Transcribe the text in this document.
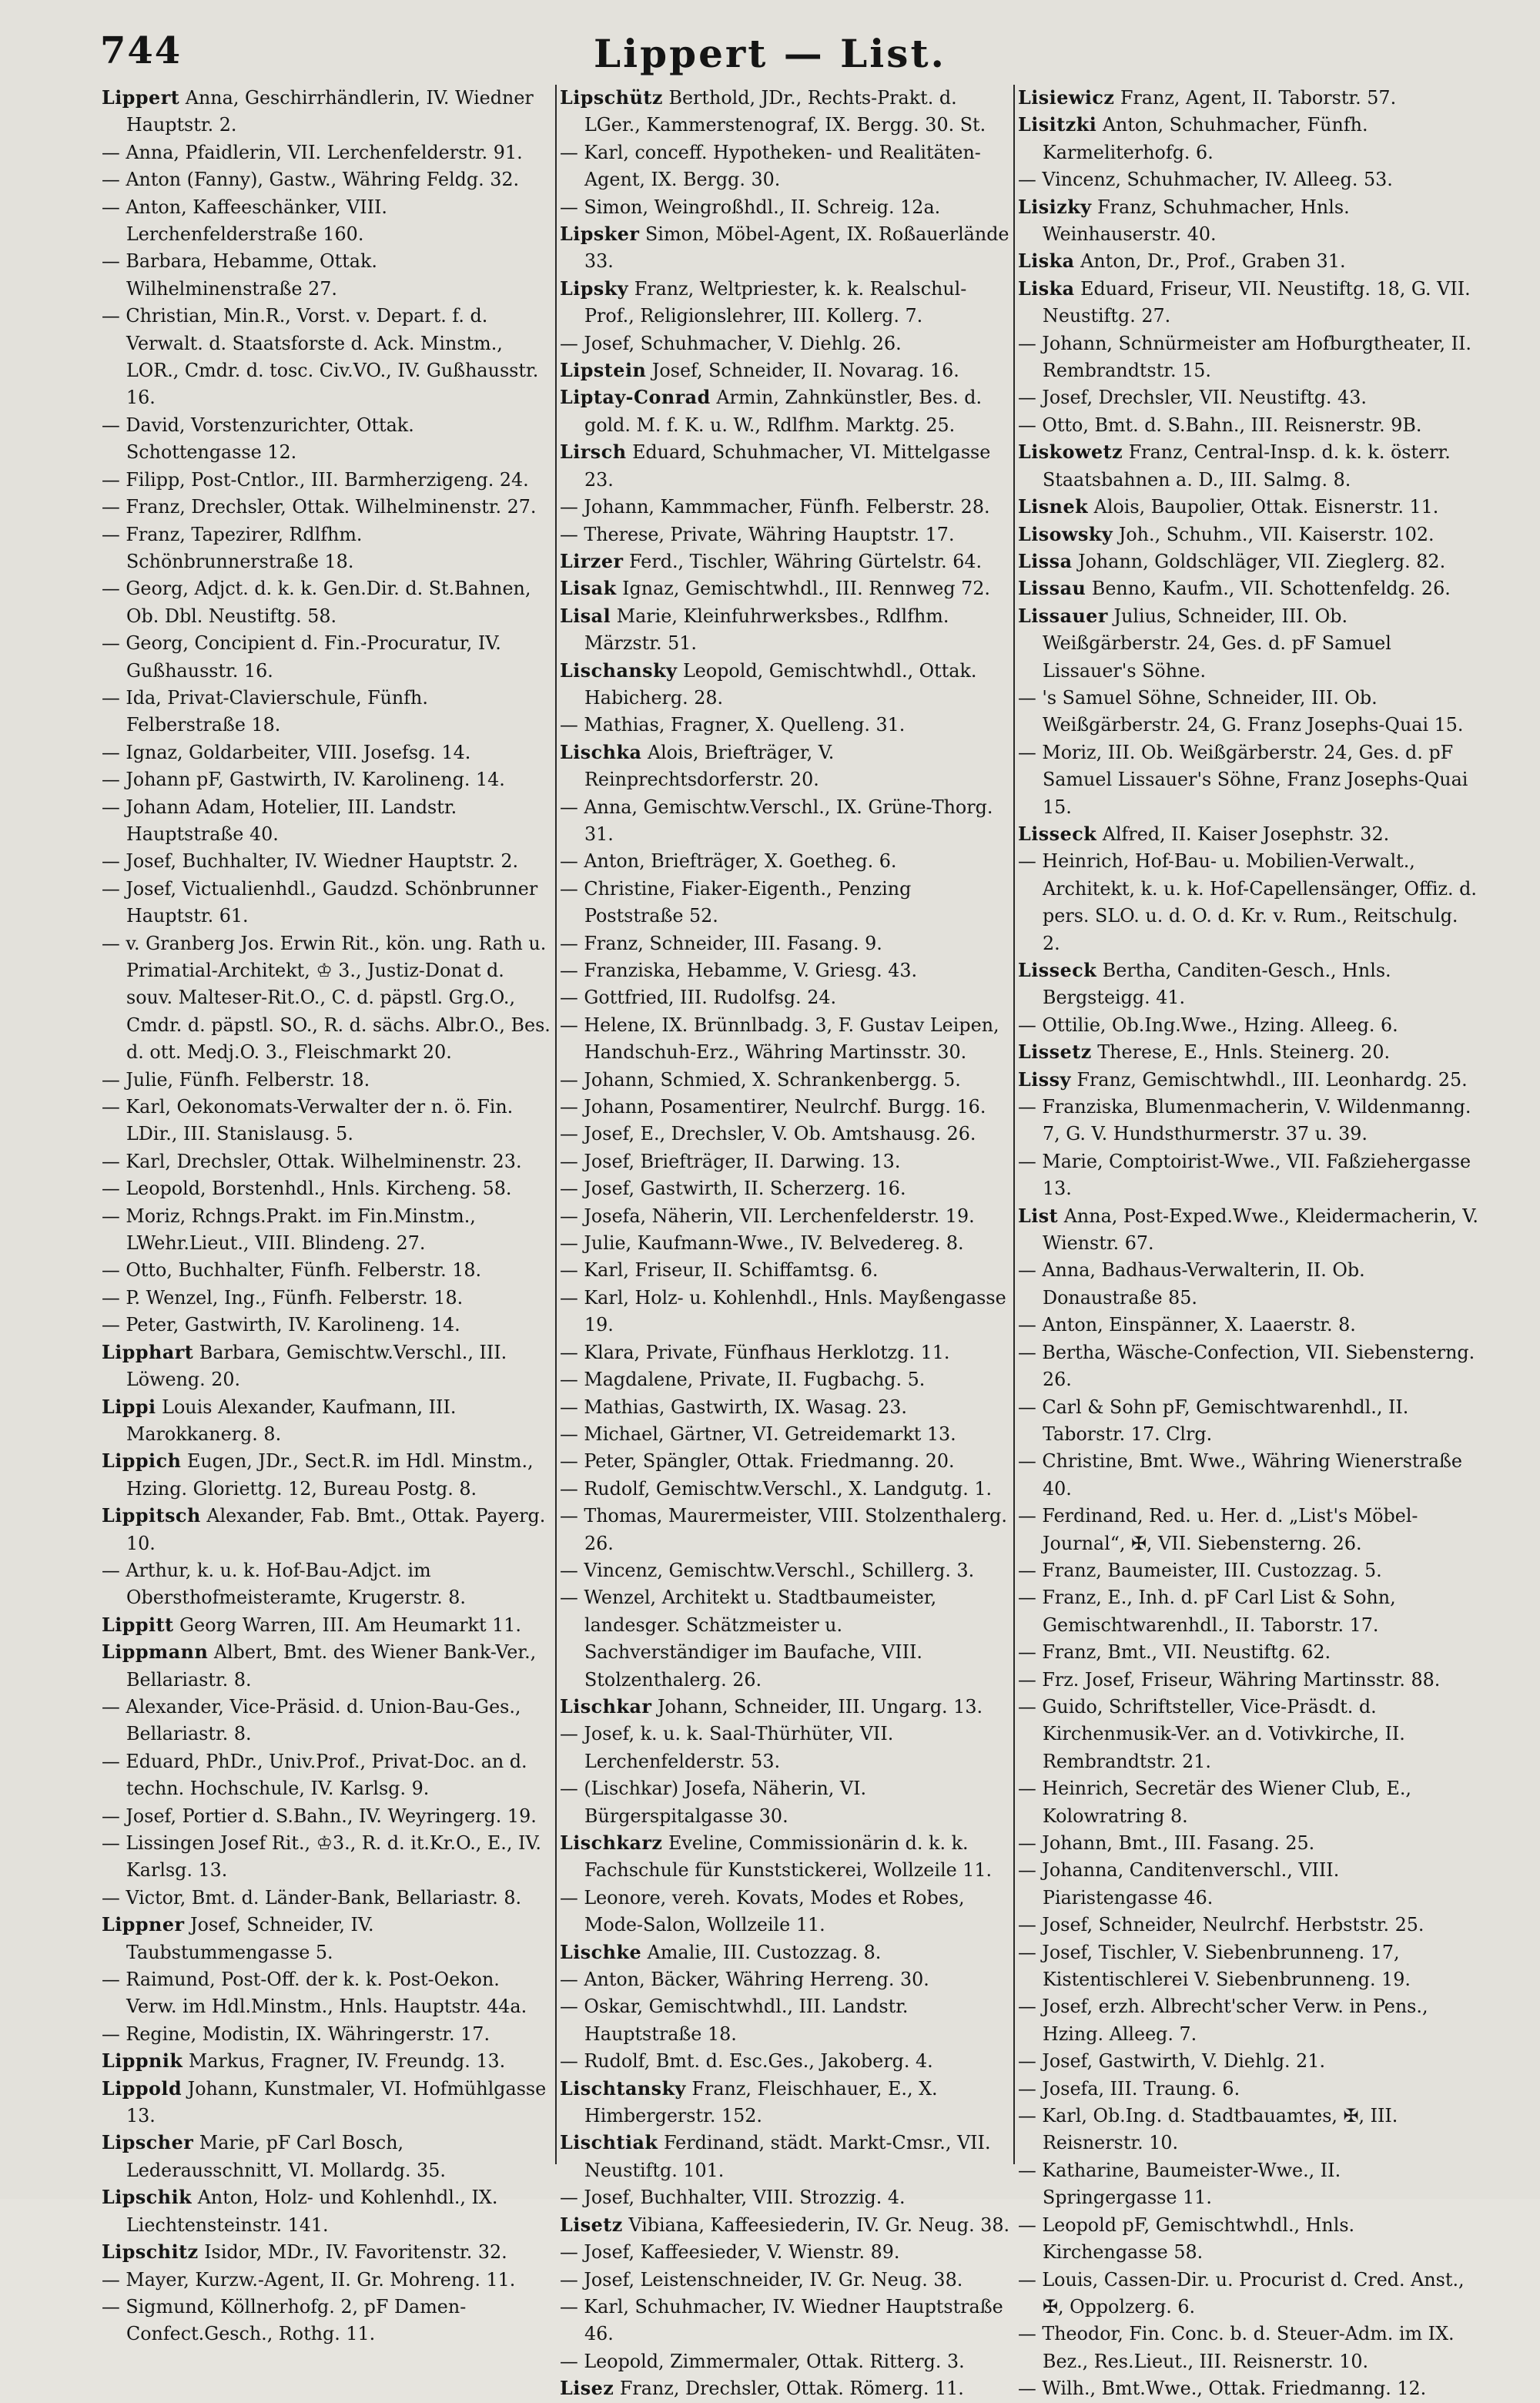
744	Lippert — List.
Lippert Anna, Geschirrhändlerin, IV. Wiedner Hauptstr. 2.
— Anna, Pfaidlerin, VII. Lerchenfelderstr. 91.
— Anton (Fanny), Gastw., Währing Feldg. 32.
— Anton, Kaffeeschänker, VIII. Lerchenfelderstraße 160.
— Barbara, Hebamme, Ottak. Wilhelminenstraße 27.
— Christian, Min.R., Vorst. v. Depart. f. d. Verwalt. d. Staatsforste d. Ack. Minstm., LOR., Cmdr. d. tosc. Civ.VO., IV. Gußhausstr. 16.
— David, Vorstenzurichter, Ottak. Schottengasse 12.
— Filipp, Post-Cntlor., III. Barmherzigeng. 24.
— Franz, Drechsler, Ottak. Wilhelminenstr. 27.
— Franz, Tapezirer, Rdlfhm. Schönbrunnerstraße 18.
— Georg, Adjct. d. k. k. Gen.Dir. d. St.Bahnen, Ob. Dbl. Neustiftg. 58.
— Georg, Concipient d. Fin.-Procuratur, IV. Gußhausstr. 16.
— Ida, Privat-Clavierschule, Fünfh. Felberstraße 18.
— Ignaz, Goldarbeiter, VIII. Josefsg. 14.
— Johann pF, Gastwirth, IV. Karolineng. 14.
— Johann Adam, Hotelier, III. Landstr. Hauptstraße 40.
— Josef, Buchhalter, IV. Wiedner Hauptstr. 2.
— Josef, Victualienhdl., Gaudzd. Schönbrunner Hauptstr. 61.
— v. Granberg Jos. Erwin Rit., kön. ung. Rath u. Primatial-Architekt, ♔ 3., Justiz-Donat d. souv. Malteser-Rit.O., C. d. päpstl. Grg.O., Cmdr. d. päpstl. SO., R. d. sächs. Albr.O., Bes. d. ott. Medj.O. 3., Fleischmarkt 20.
— Julie, Fünfh. Felberstr. 18.
— Karl, Oekonomats-Verwalter der n. ö. Fin. LDir., III. Stanislausg. 5.
— Karl, Drechsler, Ottak. Wilhelminenstr. 23.
— Leopold, Borstenhdl., Hnls. Kircheng. 58.
— Moriz, Rchngs.Prakt. im Fin.Minstm., LWehr.Lieut., VIII. Blindeng. 27.
— Otto, Buchhalter, Fünfh. Felberstr. 18.
— P. Wenzel, Ing., Fünfh. Felberstr. 18.
— Peter, Gastwirth, IV. Karolineng. 14.
Lipphart Barbara, Gemischtw.Verschl., III. Löweng. 20.
Lippi Louis Alexander, Kaufmann, III. Marokkanerg. 8.
Lippich Eugen, JDr., Sect.R. im Hdl. Minstm., Hzing. Gloriettg. 12, Bureau Postg. 8.
Lippitsch Alexander, Fab. Bmt., Ottak. Payerg. 10.
— Arthur, k. u. k. Hof-Bau-Adjct. im Obersthofmeisteramte, Krugerstr. 8.
Lippitt Georg Warren, III. Am Heumarkt 11.
Lippmann Albert, Bmt. des Wiener Bank-Ver., Bellariastr. 8.
— Alexander, Vice-Präsid. d. Union-Bau-Ges., Bellariastr. 8.
— Eduard, PhDr., Univ.Prof., Privat-Doc. an d. techn. Hochschule, IV. Karlsg. 9.
— Josef, Portier d. S.Bahn., IV. Weyringerg. 19.
— Lissingen Josef Rit., ♔3., R. d. it.Kr.O., E., IV. Karlsg. 13.
— Victor, Bmt. d. Länder-Bank, Bellariastr. 8.
Lippner Josef, Schneider, IV. Taubstummengasse 5.
— Raimund, Post-Off. der k. k. Post-Oekon. Verw. im Hdl.Minstm., Hnls. Hauptstr. 44a.
— Regine, Modistin, IX. Währingerstr. 17.
Lippnik Markus, Fragner, IV. Freundg. 13.
Lippold Johann, Kunstmaler, VI. Hofmühlgasse 13.
Lipscher Marie, pF Carl Bosch, Lederausschnitt, VI. Mollardg. 35.
Lipschik Anton, Holz- und Kohlenhdl., IX. Liechtensteinstr. 141.
Lipschitz Isidor, MDr., IV. Favoritenstr. 32.
— Mayer, Kurzw.-Agent, II. Gr. Mohreng. 11.
— Sigmund, Köllnerhofg. 2, pF Damen-Confect.Gesch., Rothg. 11.
Lipschütz Berthold, JDr., Rechts-Prakt. d. LGer., Kammerstenograf, IX. Bergg. 30. St.
— Karl, conceff. Hypotheken- und Realitäten-Agent, IX. Bergg. 30.
— Simon, Weingroßhdl., II. Schreig. 12a.
Lipsker Simon, Möbel-Agent, IX. Roßauerlände 33.
Lipsky Franz, Weltpriester, k. k. Realschul-Prof., Religionslehrer, III. Kollerg. 7.
— Josef, Schuhmacher, V. Diehlg. 26.
Lipstein Josef, Schneider, II. Novarag. 16.
Liptay-Conrad Armin, Zahnkünstler, Bes. d. gold. M. f. K. u. W., Rdlfhm. Marktg. 25.
Lirsch Eduard, Schuhmacher, VI. Mittelgasse 23.
— Johann, Kammmacher, Fünfh. Felberstr. 28.
— Therese, Private, Währing Hauptstr. 17.
Lirzer Ferd., Tischler, Währing Gürtelstr. 64.
Lisak Ignaz, Gemischtwhdl., III. Rennweg 72.
Lisal Marie, Kleinfuhrwerksbes., Rdlfhm. Märzstr. 51.
Lischansky Leopold, Gemischtwhdl., Ottak. Habicherg. 28.
— Mathias, Fragner, X. Quelleng. 31.
Lischka Alois, Briefträger, V. Reinprechtsdorferstr. 20.
— Anna, Gemischtw.Verschl., IX. Grüne-Thorg. 31.
— Anton, Briefträger, X. Goetheg. 6.
— Christine, Fiaker-Eigenth., Penzing Poststraße 52.
— Franz, Schneider, III. Fasang. 9.
— Franziska, Hebamme, V. Griesg. 43.
— Gottfried, III. Rudolfsg. 24.
— Helene, IX. Brünnlbadg. 3, F. Gustav Leipen, Handschuh-Erz., Währing Martinsstr. 30.
— Johann, Schmied, X. Schrankenbergg. 5.
— Johann, Posamentirer, Neulrchf. Burgg. 16.
— Josef, E., Drechsler, V. Ob. Amtshausg. 26.
— Josef, Briefträger, II. Darwing. 13.
— Josef, Gastwirth, II. Scherzerg. 16.
— Josefa, Näherin, VII. Lerchenfelderstr. 19.
— Julie, Kaufmann-Wwe., IV. Belvedereg. 8.
— Karl, Friseur, II. Schiffamtsg. 6.
— Karl, Holz- u. Kohlenhdl., Hnls. Mayßengasse 19.
— Klara, Private, Fünfhaus Herklotzg. 11.
— Magdalene, Private, II. Fugbachg. 5.
— Mathias, Gastwirth, IX. Wasag. 23.
— Michael, Gärtner, VI. Getreidemarkt 13.
— Peter, Spängler, Ottak. Friedmanng. 20.
— Rudolf, Gemischtw.Verschl., X. Landgutg. 1.
— Thomas, Maurermeister, VIII. Stolzenthalerg. 26.
— Vincenz, Gemischtw.Verschl., Schillerg. 3.
— Wenzel, Architekt u. Stadtbaumeister, landesger. Schätzmeister u. Sachverständiger im Baufache, VIII. Stolzenthalerg. 26.
Lischkar Johann, Schneider, III. Ungarg. 13.
— Josef, k. u. k. Saal-Thürhüter, VII. Lerchenfelderstr. 53.
— (Lischkar) Josefa, Näherin, VI. Bürgerspitalgasse 30.
Lischkarz Eveline, Commissionärin d. k. k. Fachschule für Kunststickerei, Wollzeile 11.
— Leonore, vereh. Kovats, Modes et Robes, Mode-Salon, Wollzeile 11.
Lischke Amalie, III. Custozzag. 8.
— Anton, Bäcker, Währing Herreng. 30.
— Oskar, Gemischtwhdl., III. Landstr. Hauptstraße 18.
— Rudolf, Bmt. d. Esc.Ges., Jakoberg. 4.
Lischtansky Franz, Fleischhauer, E., X. Himbergerstr. 152.
Lischtiak Ferdinand, städt. Markt-Cmsr., VII. Neustiftg. 101.
— Josef, Buchhalter, VIII. Strozzig. 4.
Lisetz Vibiana, Kaffeesiederin, IV. Gr. Neug. 38.
— Josef, Kaffeesieder, V. Wienstr. 89.
— Josef, Leistenschneider, IV. Gr. Neug. 38.
— Karl, Schuhmacher, IV. Wiedner Hauptstraße 46.
— Leopold, Zimmermaler, Ottak. Ritterg. 3.
Lisez Franz, Drechsler, Ottak. Römerg. 11.
Lisiewicz Franz, Agent, II. Taborstr. 57.
Lisitzki Anton, Schuhmacher, Fünfh. Karmeliterhofg. 6.
— Vincenz, Schuhmacher, IV. Alleeg. 53.
Lisizky Franz, Schuhmacher, Hnls. Weinhauserstr. 40.
Liska Anton, Dr., Prof., Graben 31.
Liska Eduard, Friseur, VII. Neustiftg. 18, G. VII. Neustiftg. 27.
— Johann, Schnürmeister am Hofburgtheater, II. Rembrandtstr. 15.
— Josef, Drechsler, VII. Neustiftg. 43.
— Otto, Bmt. d. S.Bahn., III. Reisnerstr. 9B.
Liskowetz Franz, Central-Insp. d. k. k. österr. Staatsbahnen a. D., III. Salmg. 8.
Lisnek Alois, Baupolier, Ottak. Eisnerstr. 11.
Lisowsky Joh., Schuhm., VII. Kaiserstr. 102.
Lissa Johann, Goldschläger, VII. Zieglerg. 82.
Lissau Benno, Kaufm., VII. Schottenfeldg. 26.
Lissauer Julius, Schneider, III. Ob. Weißgärberstr. 24, Ges. d. pF Samuel Lissauer's Söhne.
— 's Samuel Söhne, Schneider, III. Ob. Weißgärberstr. 24, G. Franz Josephs-Quai 15.
— Moriz, III. Ob. Weißgärberstr. 24, Ges. d. pF Samuel Lissauer's Söhne, Franz Josephs-Quai 15.
Lisseck Alfred, II. Kaiser Josephstr. 32.
— Heinrich, Hof-Bau- u. Mobilien-Verwalt., Architekt, k. u. k. Hof-Capellensänger, Offiz. d. pers. SLO. u. d. O. d. Kr. v. Rum., Reitschulg. 2.
Lisseck Bertha, Canditen-Gesch., Hnls. Bergsteigg. 41.
— Ottilie, Ob.Ing.Wwe., Hzing. Alleeg. 6.
Lissetz Therese, E., Hnls. Steinerg. 20.
Lissy Franz, Gemischtwhdl., III. Leonhardg. 25.
— Franziska, Blumenmacherin, V. Wildenmanng. 7, G. V. Hundsthurmerstr. 37 u. 39.
— Marie, Comptoirist-Wwe., VII. Faßziehergasse 13.
List Anna, Post-Exped.Wwe., Kleidermacherin, V. Wienstr. 67.
— Anna, Badhaus-Verwalterin, II. Ob. Donaustraße 85.
— Anton, Einspänner, X. Laaerstr. 8.
— Bertha, Wäsche-Confection, VII. Siebensterng. 26.
— Carl & Sohn pF, Gemischtwarenhdl., II. Taborstr. 17. Clrg.
— Christine, Bmt. Wwe., Währing Wienerstraße 40.
— Ferdinand, Red. u. Her. d. „List's Möbel-Journal“, ✠, VII. Siebensterng. 26.
— Franz, Baumeister, III. Custozzag. 5.
— Franz, E., Inh. d. pF Carl List & Sohn, Gemischtwarenhdl., II. Taborstr. 17.
— Franz, Bmt., VII. Neustiftg. 62.
— Frz. Josef, Friseur, Währing Martinsstr. 88.
— Guido, Schriftsteller, Vice-Präsdt. d. Kirchenmusik-Ver. an d. Votivkirche, II. Rembrandtstr. 21.
— Heinrich, Secretär des Wiener Club, E., Kolowratring 8.
— Johann, Bmt., III. Fasang. 25.
— Johanna, Canditenverschl., VIII. Piaristengasse 46.
— Josef, Schneider, Neulrchf. Herbststr. 25.
— Josef, Tischler, V. Siebenbrunneng. 17, Kistentischlerei V. Siebenbrunneng. 19.
— Josef, erzh. Albrecht'scher Verw. in Pens., Hzing. Alleeg. 7.
— Josef, Gastwirth, V. Diehlg. 21.
— Josefa, III. Traung. 6.
— Karl, Ob.Ing. d. Stadtbauamtes, ✠, III. Reisnerstr. 10.
— Katharine, Baumeister-Wwe., II. Springergasse 11.
— Leopold pF, Gemischtwhdl., Hnls. Kirchengasse 58.
— Louis, Cassen-Dir. u. Procurist d. Cred. Anst., ✠, Oppolzerg. 6.
— Theodor, Fin. Conc. b. d. Steuer-Adm. im IX. Bez., Res.Lieut., III. Reisnerstr. 10.
— Wilh., Bmt.Wwe., Ottak. Friedmanng. 12.
